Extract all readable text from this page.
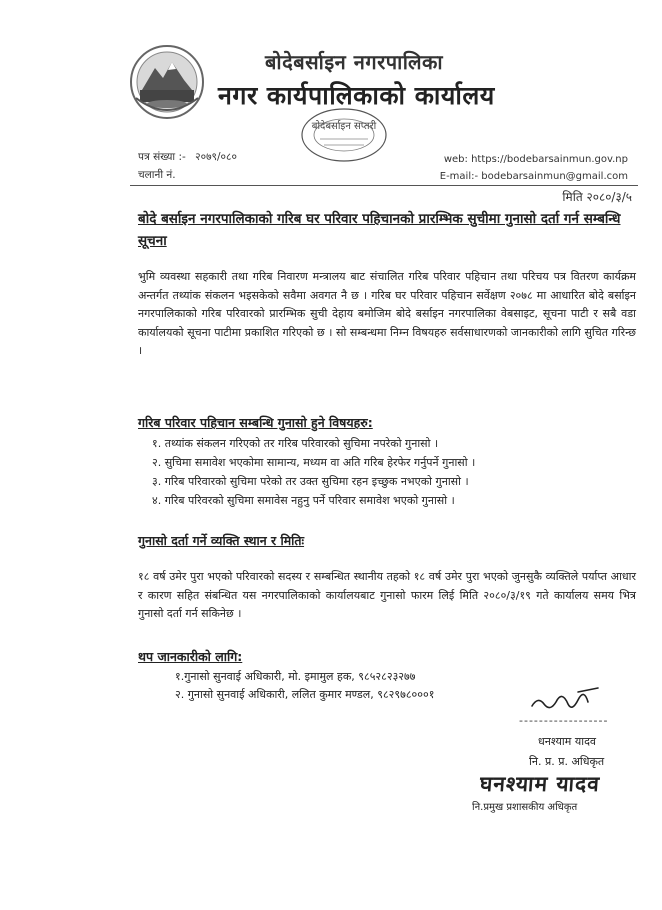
बोदेबर्साइन नगरपालिका
नगर कार्यपालिकाको कार्यालय
बोदेबर्साइन सप्तरी
पत्र संख्या :- २०७९/०८०
चलानी नं.
web: https://bodebarsainmun.gov.np
E-mail:- bodebarsainmun@gmail.com
मिति २०८०/३/५
बोदे बर्साइन नगरपालिकाको गरिब घर परिवार पहिचानको प्रारम्भिक सुचीमा गुनासो दर्ता गर्न सम्बन्धि सूचना
भुमि व्यवस्था सहकारी तथा गरिब निवारण मन्त्रालय बाट संचालित गरिब परिवार पहिचान तथा परिचय पत्र वितरण कार्यक्रम अन्तर्गत तथ्यांक संकलन भइसकेको सवैमा अवगत नै छ । गरिब घर परिवार पहिचान सर्वेक्षण २०७८ मा आधारित बोदे बर्साइन नगरपालिकाको गरिब परिवारको प्रारम्भिक सुची देहाय बमोजिम बोदे बर्साइन नगरपालिका वेबसाइट, सूचना पाटी र सबै वडा कार्यालयको सूचना पाटीमा प्रकाशित गरिएको छ । सो सम्बन्धमा निम्न विषयहरु सर्वसाधारणको जानकारीको लागि सुचित गरिन्छ ।
गरिब परिवार पहिचान सम्बन्धि गुनासो हुने विषयहरु:
१. तथ्यांक संकलन गरिएको तर गरिब परिवारको सुचिमा नपरेको गुनासो ।
२. सुचिमा समावेश भएकोमा सामान्य, मध्यम वा अति गरिब हेरफेर गर्नुपर्ने गुनासो ।
३. गरिब परिवारको सुचिमा परेको तर उक्त सुचिमा रहन इच्छुक नभएको गुनासो ।
४. गरिब परिवरको सुचिमा समावेस नहुनु पर्ने परिवार समावेश भएको गुनासो ।
गुनासो दर्ता गर्ने व्यक्ति स्थान र मितिः
१८ वर्ष उमेर पुरा भएको परिवारको सदस्य र सम्बन्धित स्थानीय तहको १८ वर्ष उमेर पुरा भएको जुनसुकै व्यक्तिले पर्याप्त आधार र कारण सहित संबन्धित यस नगरपालिकाको कार्यालयबाट गुनासो फारम लिई मिति २०८०/३/१९ गते कार्यालय समय भित्र गुनासो दर्ता गर्न सकिनेछ ।
थप जानकारीको लागि:
१.गुनासो सुनवाई अधिकारी, मो. इमामुल हक, ९८५२८२३२७७
२. गुनासो सुनवाई अधिकारी, ललित कुमार मण्डल, ९८२९७८०००१
------------------
धनश्याम यादव
नि. प्र. प्र. अधिकृत
घनश्याम यादव
नि.प्रमुख प्रशासकीय अधिकृत
